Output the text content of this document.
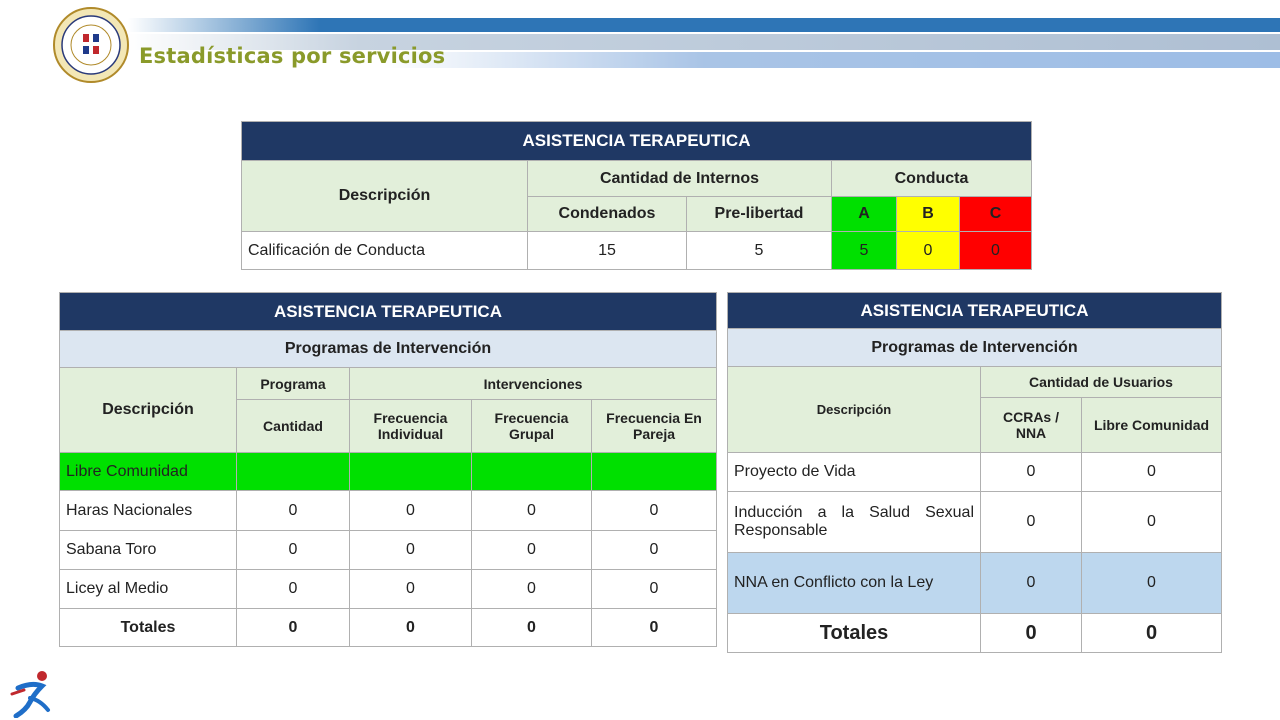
Estadísticas por servicios
ASISTENCIA TERAPEUTICA					
Descripción	Cantidad de Internos		Conducta		
	Condenados	Pre-libertad	A	B	C
Calificación de Conducta	15	5	5	0	0
ASISTENCIA TERAPEUTICA				
Programas de Intervención				
Descripción	Programa	Intervenciones		
	Cantidad	Frecuencia Individual	Frecuencia Grupal	Frecuencia En Pareja
Libre Comunidad				
Haras Nacionales	0	0	0	0
Sabana Toro	0	0	0	0
Licey al Medio	0	0	0	0
Totales	0	0	0	0
ASISTENCIA TERAPEUTICA		
Programas de Intervención		
Descripción	Cantidad de Usuarios	
	CCRAs / NNA	Libre Comunidad
Proyecto de Vida	0	0
Inducción a la Salud Sexual Responsable	0	0
NNA en Conflicto con la Ley	0	0
Totales	0	0
